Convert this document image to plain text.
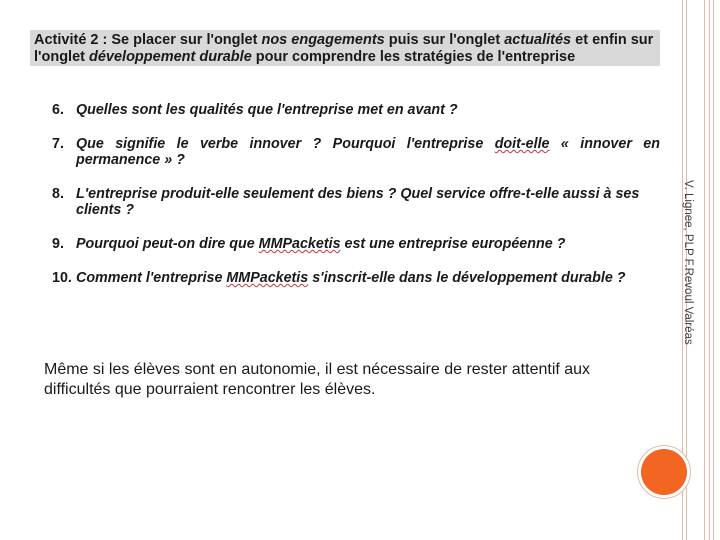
Activité 2 : Se placer sur l'onglet nos engagements puis sur l'onglet actualités et enfin sur l'onglet développement durable pour comprendre les stratégies de l'entreprise
6. Quelles sont les qualités que l'entreprise met en avant ?
7. Que signifie le verbe innover ? Pourquoi l'entreprise doit-elle « innover en permanence » ?
8. L'entreprise produit-elle seulement des biens ? Quel service offre-t-elle aussi à ses clients ?
9. Pourquoi peut-on dire que MMPacketis est une entreprise européenne ?
10. Comment l'entreprise MMPacketis s'inscrit-elle dans le développement durable ?
Même si les élèves sont en autonomie, il est nécessaire de rester attentif aux difficultés que pourraient rencontrer les élèves.
V. Lignee, PLP F.Revoul Valréas
